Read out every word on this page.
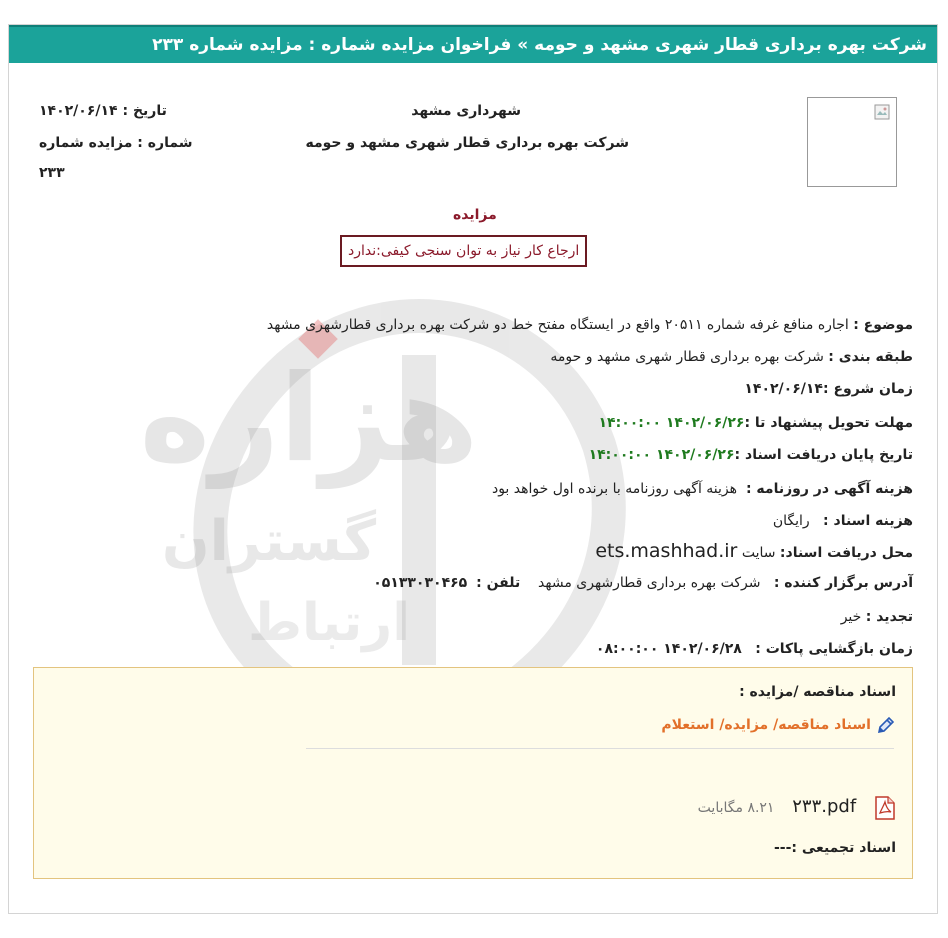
شرکت بهره برداری قطار شهری مشهد و حومه » فراخوان مزایده شماره : مزایده شماره ۲۳۳
هزاره
گستران
ارتباط
شهرداری مشهد
شرکت بهره برداری قطار شهری مشهد و حومه
تاریخ : ۱۴۰۲/۰۶/۱۴
شماره : مزایده شماره
۲۳۳
مزایده
ارجاع کار نیاز به توان سنجی کیفی:ندارد
موضوع : اجاره منافع غرفه شماره ۲۰۵۱۱ واقع در ایستگاه مفتح خط دو شرکت بهره برداری قطارشهری مشهد
طبقه بندی : شرکت بهره برداری قطار شهری مشهد و حومه
زمان شروع :۱۴۰۲/۰۶/۱۴
مهلت تحویل پیشنهاد تا :۱۴۰۲/۰۶/۲۶ ۱۴:۰۰:۰۰
تاریخ پایان دریافت اسناد :۱۴۰۲/۰۶/۲۶ ۱۴:۰۰:۰۰
هزینه آگهی در روزنامه :  هزینه آگهی روزنامه با برنده اول خواهد بود
هزینه اسناد :   رایگان
محل دریافت اسناد: سایت ets.mashhad.ir
آدرس برگزار کننده :   شرکت بهره برداری قطارشهری مشهد    تلفن :  ۰۵۱۳۳۰۳۰۴۶۵
تجدید : خیر
زمان بازگشایی پاکات :   ۱۴۰۲/۰۶/۲۸ ۰۸:۰۰:۰۰
اسناد مناقصه /مزایده :
اسناد مناقصه/ مزایده/ استعلام
۲۳۳.pdf    ۸.۲۱ مگابایت
اسناد تجمیعی :---
